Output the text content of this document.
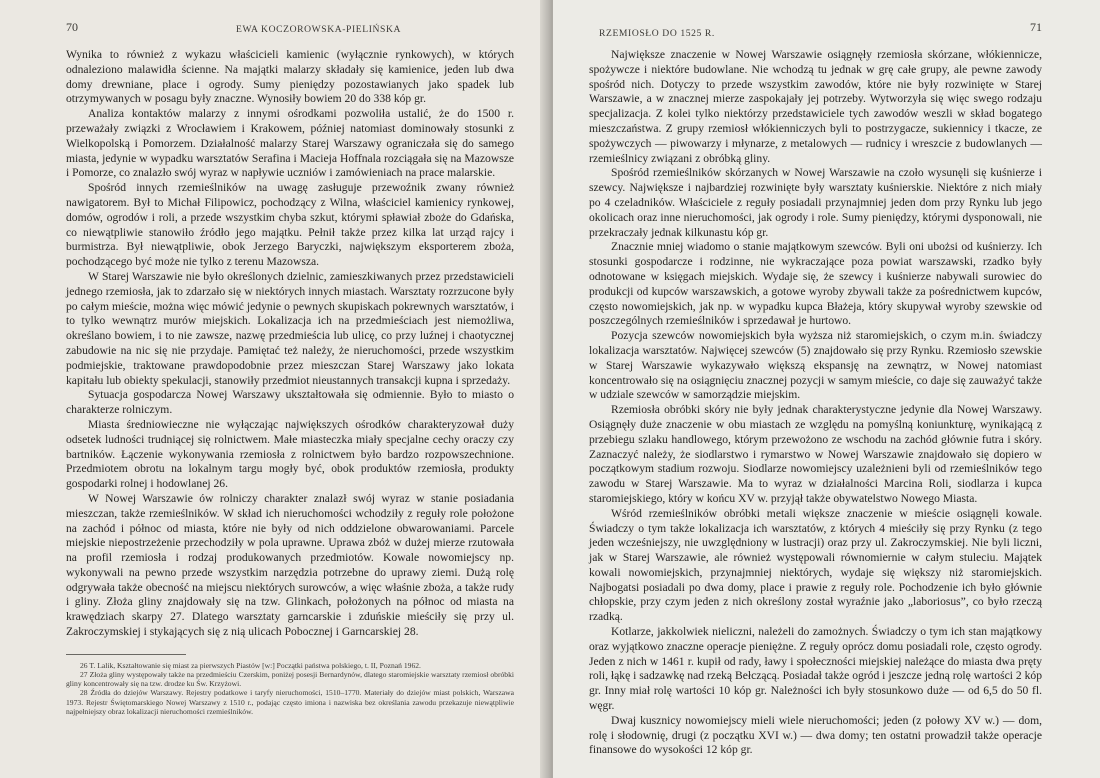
70	EWA KOCZOROWSKA-PIELIŃSKA

Wynika to również z wykazu właścicieli kamienic (wyłącznie rynkowych), w których odnaleziono malawidła ścienne. Na majątki malarzy składały się kamienice, jeden lub dwa domy drewniane, place i ogrody. Sumy pieniędzy pozostawianych jako spadek lub otrzymywanych w posagu były znaczne. Wynosiły bowiem 20 do 338 kóp gr.

Analiza kontaktów malarzy z innymi ośrodkami pozwoliła ustalić, że do 1500 r. przeważały związki z Wrocławiem i Krakowem, później natomiast dominowały stosunki z Wielkopolską i Pomorzem. Działalność malarzy Starej Warszawy ograniczała się do samego miasta, jedynie w wypadku warsztatów Serafina i Macieja Hoffnala rozciągała się na Mazowsze i Pomorze, co znalazło swój wyraz w napływie uczniów i zamówieniach na prace malarskie.

Spośród innych rzemieślników na uwagę zasługuje przewoźnik zwany również nawigatorem. Był to Michał Filipowicz, pochodzący z Wilna, właściciel kamienicy rynkowej, domów, ogrodów i roli, a przede wszystkim chyba szkut, którymi spławiał zboże do Gdańska, co niewątpliwie stanowiło źródło jego majątku. Pełnił także przez kilka lat urząd rajcy i burmistrza. Był niewątpliwie, obok Jerzego Baryczki, największym eksporterem zboża, pochodzącego być może nie tylko z terenu Mazowsza.

W Starej Warszawie nie było określonych dzielnic, zamieszkiwanych przez przedstawicieli jednego rzemiosła, jak to zdarzało się w niektórych innych miastach. Warsztaty rozrzucone były po całym mieście, można więc mówić jedynie o pewnych skupiskach pokrewnych warsztatów, i to tylko wewnątrz murów miejskich. Lokalizacja ich na przedmieściach jest niemożliwa, określano bowiem, i to nie zawsze, nazwę przedmieścia lub ulicę, co przy luźnej i chaotycznej zabudowie na nic się nie przydaje. Pamiętać też należy, że nieruchomości, przede wszystkim podmiejskie, traktowane prawdopodobnie przez mieszczan Starej Warszawy jako lokata kapitału lub obiekty spekulacji, stanowiły przedmiot nieustannych transakcji kupna i sprzedaży.

Sytuacja gospodarcza Nowej Warszawy ukształtowała się odmiennie. Było to miasto o charakterze rolniczym.

Miasta średniowieczne nie wyłączając największych ośrodków charakteryzował duży odsetek ludności trudniącej się rolnictwem. Małe miasteczka miały specjalne cechy oraczy czy bartników. Łączenie wykonywania rzemiosła z rolnictwem było bardzo rozpowszechnione. Przedmiotem obrotu na lokalnym targu mogły być, obok produktów rzemiosła, produkty gospodarki rolnej i hodowlanej 26.

W Nowej Warszawie ów rolniczy charakter znalazł swój wyraz w stanie posiadania mieszczan, także rzemieślników. W skład ich nieruchomości wchodziły z reguły role położone na zachód i północ od miasta, które nie były od nich oddzielone obwarowaniami. Parcele miejskie niepostrzeżenie przechodziły w pola uprawne. Uprawa zbóż w dużej mierze rzutowała na profil rzemiosła i rodzaj produkowanych przedmiotów. Kowale nowomiejscy np. wykonywali na pewno przede wszystkim narzędzia potrzebne do uprawy ziemi. Dużą rolę odgrywała także obecność na miejscu niektórych surowców, a więc właśnie zboża, a także rudy i gliny. Złoża gliny znajdowały się na tzw. Glinkach, położonych na północ od miasta na krawędziach skarpy 27. Dlatego warsztaty garncarskie i zduńskie mieściły się przy ul. Zakroczymskiej i stykających się z nią ulicach Pobocznej i Garncarskiej 28.

26 T. Lalik, Kształtowanie się miast za pierwszych Piastów [w:] Początki państwa polskiego, t. II, Poznań 1962.

27 Złoża gliny występowały także na przedmieściu Czerskim, poniżej posesji Bernardynów, dlatego staromiejskie warsztaty rzemiosł obróbki gliny koncentrowały się na tzw. drodze ku Św. Krzyżowi.

28 Źródła do dziejów Warszawy. Rejestry podatkowe i taryfy nieruchomości, 1510–1770. Materiały do dziejów miast polskich, Warszawa 1973. Rejestr Świętomarskiego Nowej Warszawy z 1510 r., podając często imiona i nazwiska bez określania zawodu przekazuje niewątpliwie najpełniejszy obraz lokalizacji nieruchomości rzemieślników.

RZEMIOSŁO DO 1525 R.	71

Największe znaczenie w Nowej Warszawie osiągnęły rzemiosła skórzane, włókiennicze, spożywcze i niektóre budowlane. Nie wchodzą tu jednak w grę całe grupy, ale pewne zawody spośród nich. Dotyczy to przede wszystkim zawodów, które nie były rozwinięte w Starej Warszawie, a w znacznej mierze zaspokajały jej potrzeby. Wytworzyła się więc swego rodzaju specjalizacja. Z kolei tylko niektórzy przedstawiciele tych zawodów weszli w skład bogatego mieszczaństwa. Z grupy rzemiosł włókienniczych byli to postrzygacze, sukiennicy i tkacze, ze spożywczych — piwowarzy i młynarze, z metalowych — rudnicy i wreszcie z budowlanych — rzemieślnicy związani z obróbką gliny.

Spośród rzemieślników skórzanych w Nowej Warszawie na czoło wysunęli się kuśnierze i szewcy. Największe i najbardziej rozwinięte były warsztaty kuśnierskie. Niektóre z nich miały po 4 czeladników. Właściciele z reguły posiadali przynajmniej jeden dom przy Rynku lub jego okolicach oraz inne nieruchomości, jak ogrody i role. Sumy pieniędzy, którymi dysponowali, nie przekraczały jednak kilkunastu kóp gr.

Znacznie mniej wiadomo o stanie majątkowym szewców. Byli oni ubożsi od kuśnierzy. Ich stosunki gospodarcze i rodzinne, nie wykraczające poza powiat warszawski, rzadko były odnotowane w księgach miejskich. Wydaje się, że szewcy i kuśnierze nabywali surowiec do produkcji od kupców warszawskich, a gotowe wyroby zbywali także za pośrednictwem kupców, często nowomiejskich, jak np. w wypadku kupca Błażeja, który skupywał wyroby szewskie od poszczególnych rzemieślników i sprzedawał je hurtowo.

Pozycja szewców nowomiejskich była wyższa niż staromiejskich, o czym m.in. świadczy lokalizacja warsztatów. Najwięcej szewców (5) znajdowało się przy Rynku. Rzemiosło szewskie w Starej Warszawie wykazywało większą ekspansję na zewnątrz, w Nowej natomiast koncentrowało się na osiągnięciu znacznej pozycji w samym mieście, co daje się zauważyć także w udziale szewców w samorządzie miejskim.

Rzemiosła obróbki skóry nie były jednak charakterystyczne jedynie dla Nowej Warszawy. Osiągnęły duże znaczenie w obu miastach ze względu na pomyślną koniunkturę, wynikającą z przebiegu szlaku handlowego, którym przewożono ze wschodu na zachód głównie futra i skóry. Zaznaczyć należy, że siodlarstwo i rymarstwo w Nowej Warszawie znajdowało się dopiero w początkowym stadium rozwoju. Siodlarze nowomiejscy uzależnieni byli od rzemieślników tego zawodu w Starej Warszawie. Ma to wyraz w działalności Marcina Roli, siodlarza i kupca staromiejskiego, który w końcu XV w. przyjął także obywatelstwo Nowego Miasta.

Wśród rzemieślników obróbki metali większe znaczenie w mieście osiągnęli kowale. Świadczy o tym także lokalizacja ich warsztatów, z których 4 mieściły się przy Rynku (z tego jeden wcześniejszy, nie uwzględniony w lustracji) oraz przy ul. Zakroczymskiej. Nie byli liczni, jak w Starej Warszawie, ale również występowali równomiernie w całym stuleciu. Majątek kowali nowomiejskich, przynajmniej niektórych, wydaje się większy niż staromiejskich. Najbogatsi posiadali po dwa domy, place i prawie z reguły role. Pochodzenie ich było głównie chłopskie, przy czym jeden z nich określony został wyraźnie jako „laboriosus”, co było rzeczą rzadką.

Kotlarze, jakkolwiek nieliczni, należeli do zamożnych. Świadczy o tym ich stan majątkowy oraz wyjątkowo znaczne operacje pieniężne. Z reguły oprócz domu posiadali role, często ogrody. Jeden z nich w 1461 r. kupił od rady, ławy i społeczności miejskiej należące do miasta dwa pręty roli, łąkę i sadzawkę nad rzeką Bełczącą. Posiadał także ogród i jeszcze jedną rolę wartości 2 kóp gr. Inny miał rolę wartości 10 kóp gr. Należności ich były stosunkowo duże — od 6,5 do 50 fl. węgr.

Dwaj kusznicy nowomiejscy mieli wiele nieruchomości; jeden (z połowy XV w.) — dom, rolę i słodownię, drugi (z początku XVI w.) — dwa domy; ten ostatni prowadził także operacje finansowe do wysokości 12 kóp gr.
